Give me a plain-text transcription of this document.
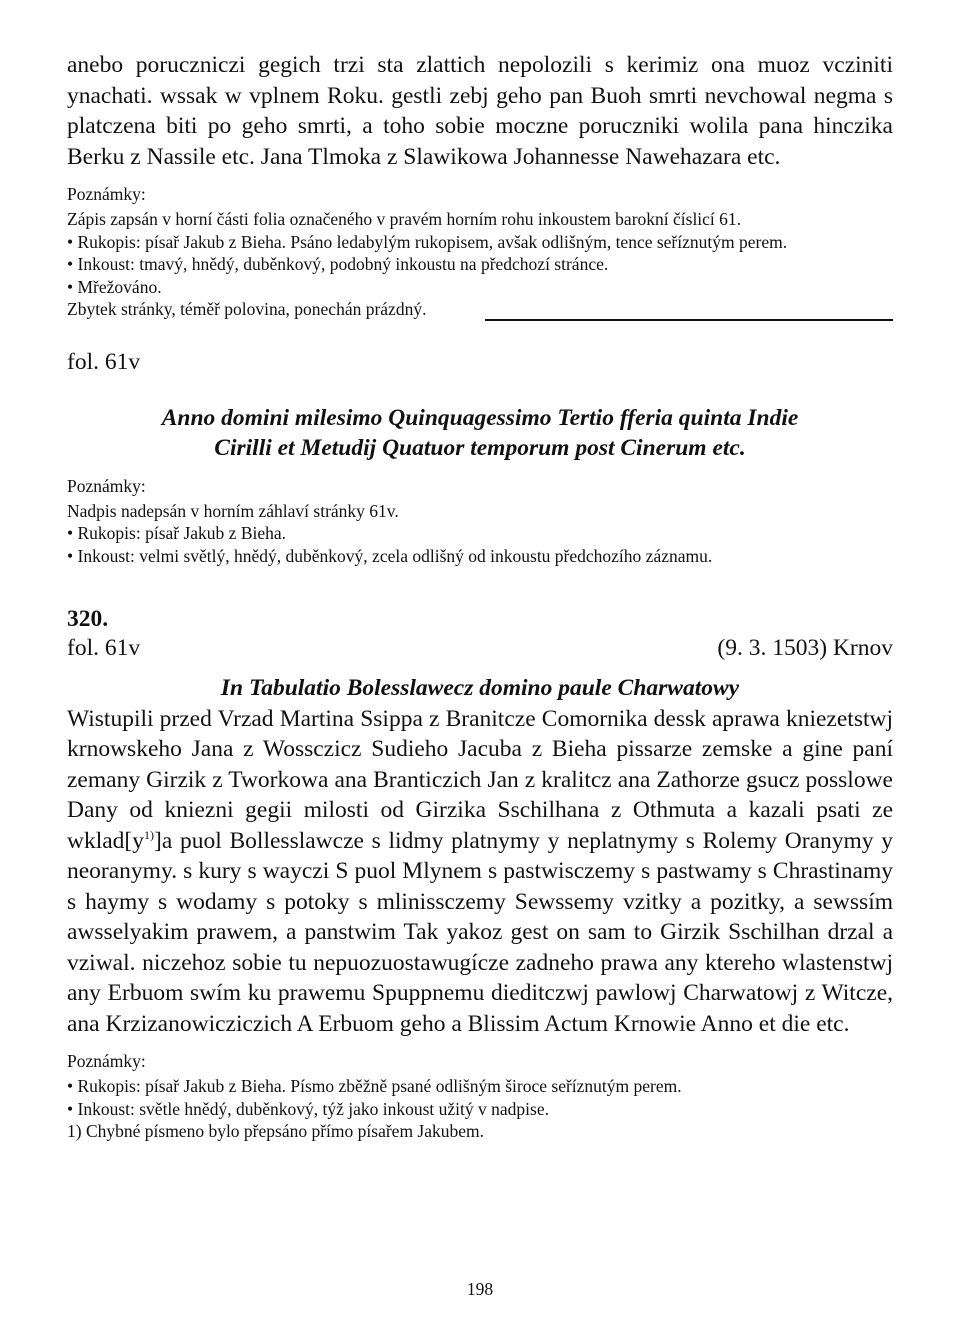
anebo poruczniczi gegich trzi sta zlattich nepolozili s kerimiz ona muoz vcziniti ynachati. wssak w vplnem Roku. gestli zebj geho pan Buoh smrti nevchowal negma s platczena biti po geho smrti, a toho sobie moczne poruczniki wolila pana hinczika Berku z Nassile etc. Jana Tlmoka z Slawikowa Johannesse Nawehazara etc.

Poznámky:

Zápis zapsán v horní části folia označeného v pravém horním rohu inkoustem barokní číslicí 61.

• Rukopis: písař Jakub z Bieha. Psáno ledabylým rukopisem, avšak odlišným, tence seříznutým perem.

• Inkoust: tmavý, hnědý, duběnkový, podobný inkoustu na předchozí stránce.

• Mřežováno.

Zbytek stránky, téměř polovina, ponechán prázdný.

fol. 61v
Anno domini milesimo Quinquagessimo Tertio fferia quinta Indie
Cirilli et Metudij Quatuor temporum post Cinerum etc.
Poznámky:

Nadpis nadepsán v horním záhlaví stránky 61v.

• Rukopis: písař Jakub z Bieha.

• Inkoust: velmi světlý, hnědý, duběnkový, zcela odlišný od inkoustu předchozího záznamu.

320.
fol. 61v	(9. 3. 1503) Krnov
In Tabulatio Bolesslawecz domino paule Charwatowy

Wistupili przed Vrzad Martina Ssippa z Branitcze Comornika dessk aprawa kniezetstwj krnowskeho Jana z Wossczicz Sudieho Jacuba z Bieha pissarze zemske a gine paní zemany Girzik z Tworkowa ana Branticzich Jan z kralitcz ana Zathorze gsucz posslowe Dany od kniezni gegii milosti od Girzika Sschilhana z Othmuta a kazali psati ze $wklad[y^{1)}]a$ puol Bollesslawcze s lidmy platnymy y neplatnymy s Rolemy Oranymy y neoranymy. s kury s wayczi S puol Mlynem s pastwisczemy s pastwamy s Chrastinamy s haymy s wodamy s potoky s mlinissczemy Sewssemy vzitky a pozitky, a sewssím awsselyakim prawem, a panstwim Tak yakoz gest on sam to Girzik Sschilhan drzal a vziwal. niczehoz sobie tu nepuozuostawugícze zadneho prawa any ktereho wlastenstwj any Erbuom swím ku prawemu Spuppnemu dieditczwj pawlowj Charwatowj z Witcze, ana Krzizanowicziczich A Erbuom geho a Blissim Actum Krnowie Anno et die etc.

Poznámky:

• Rukopis: písař Jakub z Bieha. Písmo zběžně psané odlišným široce seříznutým perem.

• Inkoust: světle hnědý, duběnkový, týž jako inkoust užitý v nadpise.

1) Chybné písmeno bylo přepsáno přímo písařem Jakubem.

198
